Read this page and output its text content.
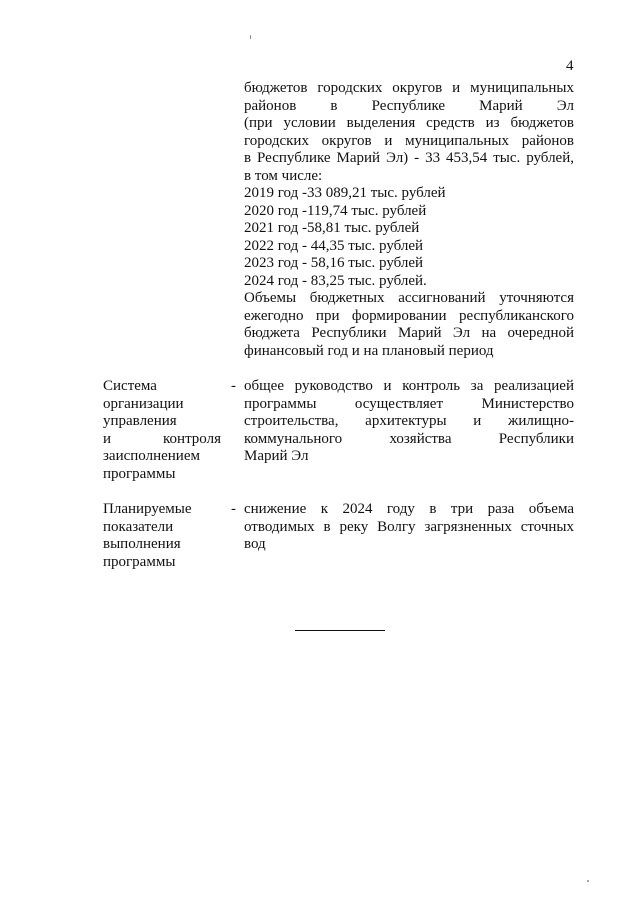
4
бюджетов городских округов и муниципальных
районов в Республике Марий Эл
(при условии выделения средств из бюджетов
городских округов и муниципальных районов
в Республике Марий Эл) - 33 453,54 тыс. рублей,
в том числе:
2019 год -33 089,21 тыс. рублей
2020 год -119,74 тыс. рублей
2021 год -58,81 тыс. рублей
2022 год - 44,35 тыс. рублей
2023 год - 58,16 тыс. рублей
2024 год - 83,25 тыс. рублей.
Объемы бюджетных ассигнований уточняются
ежегодно при формировании республиканского
бюджета Республики Марий Эл на очередной
финансовый год и на плановый период
Система
организации
управления
и контроля
заисполнением
программы
- общее руководство и контроль за реализацией
программы осуществляет Министерство
строительства, архитектуры и жилищно-
коммунального хозяйства Республики
Марий Эл
Планируемые
показатели
выполнения
программы
- снижение к 2024 году в три раза объема
отводимых в реку Волгу загрязненных сточных
вод
